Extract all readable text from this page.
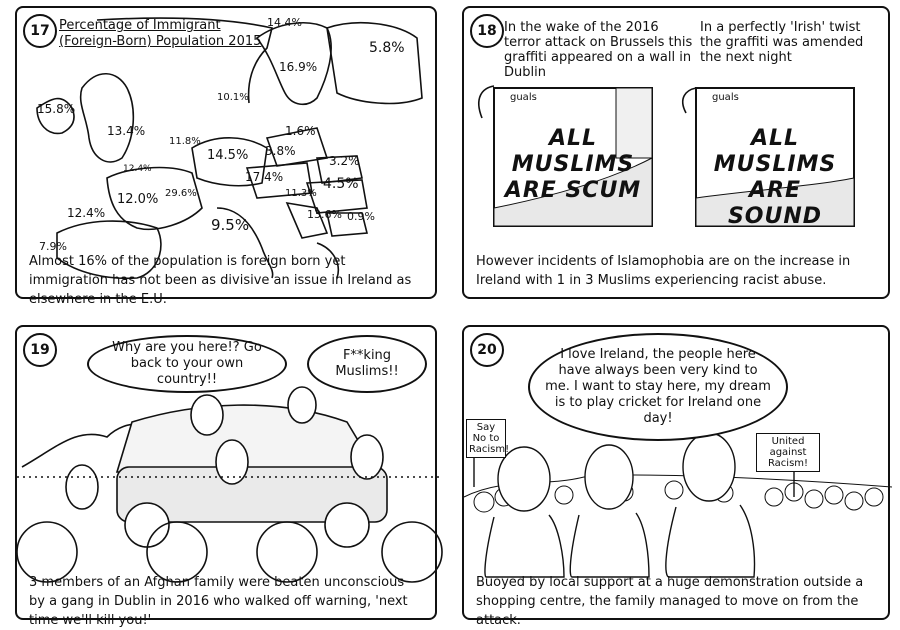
17 Percentage of Immigrant
(Foreign-Born) Population 2015
14.4%
5.8%
16.9%
10.1%
15.8%
13.4%
11.8%
1.6%
14.5% 3.8%
12.4%
3.2%
17.4%	4.5%
12.0% 29.6%	11.3%
13.6% 0.9%
9.5%
12.4%
7.9%
Almost 16% of the population is foreign born yet immigration has not been as divisive an issue in Ireland as elsewhere in the E.U.
18 In the wake of the 2016 terror attack on Brussels this graffiti appeared on a wall in Dublin
In a perfectly 'Irish' twist the graffiti was amended the next night
guals	guals
ALL MUSLIMS
ARE SCUM
ALL MUSLIMS
ARE SOUND
However incidents of Islamophobia are on the increase in Ireland with 1 in 3 Muslims experiencing racist abuse.
19	Why are you here!? Go back to your own country!!
F**king Muslims!!
3 members of an Afghan family were beaten unconscious by a gang in Dublin in 2016 who walked off warning, 'next time we'll kill you!'
20	I love Ireland, the people here have always been very kind to me. I want to stay here, my dream is to play cricket for Ireland one day!
Say No to Racism!
United against Racism!
Buoyed by local support at a huge demonstration outside a shopping centre, the family managed to move on from the attack.
